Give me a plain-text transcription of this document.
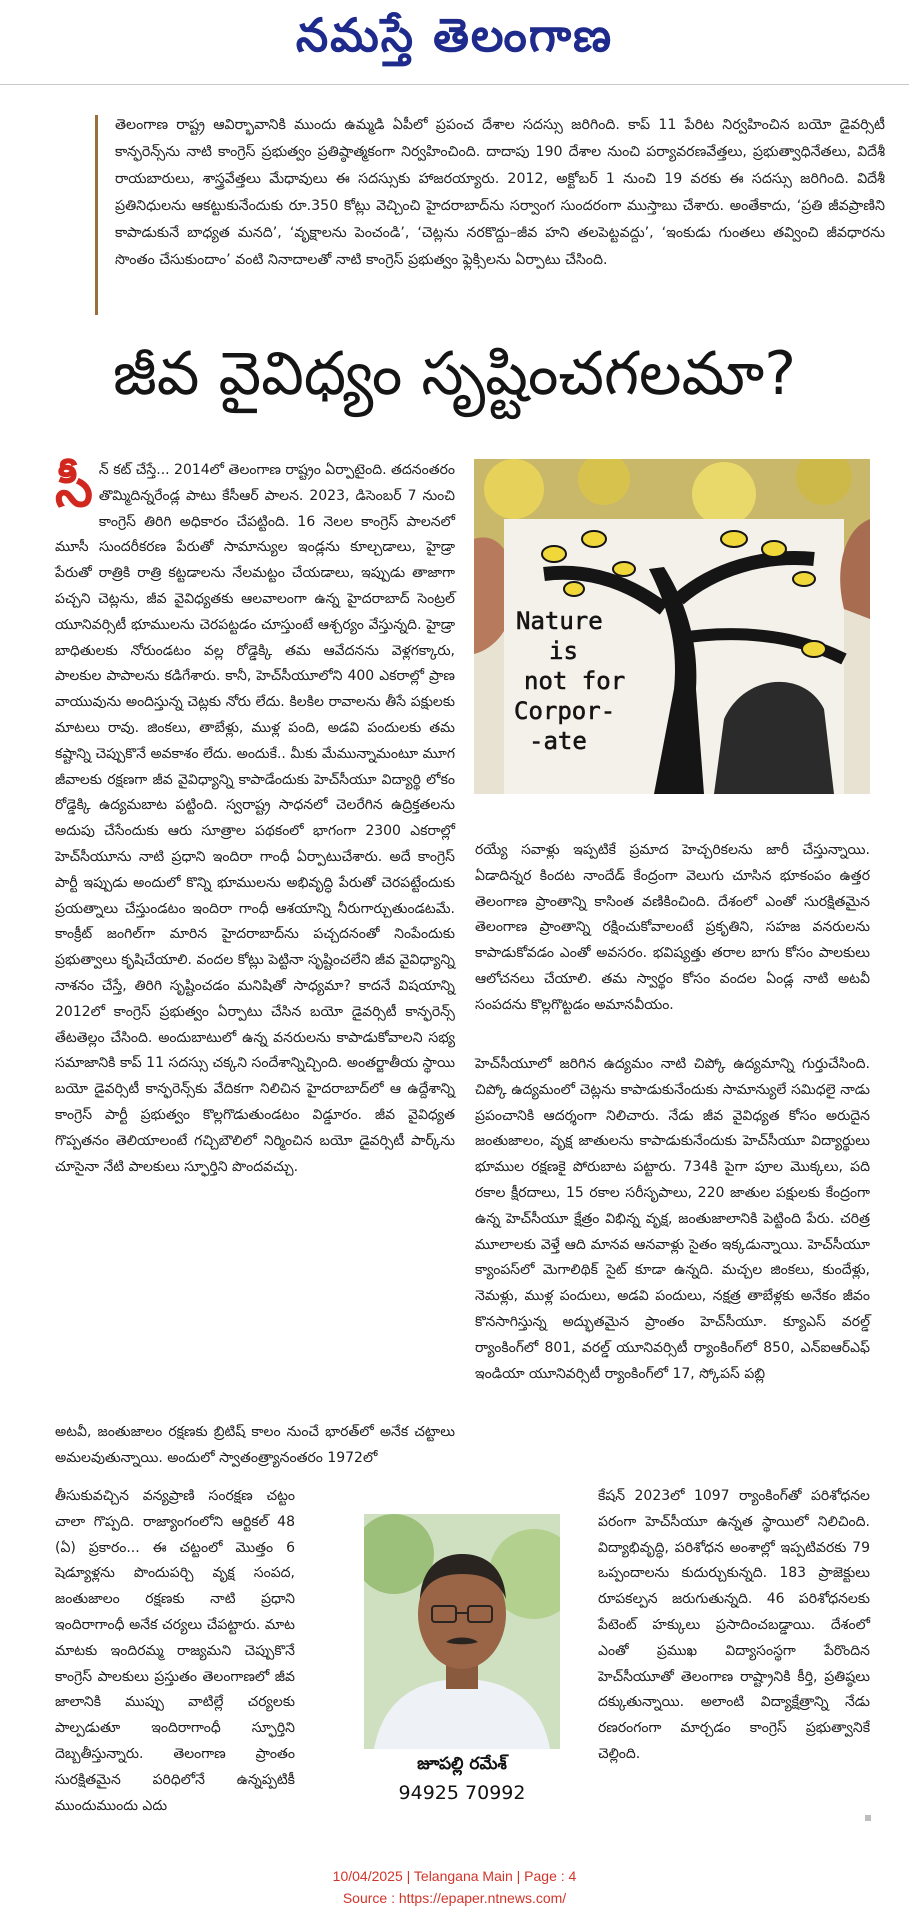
నమస్తే తెలంగాణ
తెలంగాణ రాష్ట్ర ఆవిర్భావానికి ముందు ఉమ్మడి ఏపీలో ప్రపంచ దేశాల సదస్సు జరిగింది. కాప్ 11 పేరిట నిర్వహించిన బయో డైవర్సిటీ కాన్ఫరెన్స్‌ను నాటి కాంగ్రెస్ ప్రభుత్వం ప్రతిష్ఠాత్మకంగా నిర్వహించింది. దాదాపు 190 దేశాల నుంచి పర్యావరణవేత్తలు, ప్రభుత్వాధినేతలు, విదేశీ రాయబారులు, శాస్త్రవేత్తలు మేధావులు ఈ సదస్సుకు హాజరయ్యారు. 2012, అక్టోబర్ 1 నుంచి 19 వరకు ఈ సదస్సు జరిగింది. విదేశీ ప్రతినిధులను ఆకట్టుకునేందుకు రూ.350 కోట్లు వెచ్చించి హైదరాబాద్‌ను సర్వాంగ సుందరంగా ముస్తాబు చేశారు. అంతేకాదు, ‘ప్రతి జీవప్రాణిని కాపాడుకునే బాధ్యత మనది’, ‘వృక్షాలను పెంచండి’, ‘చెట్లను నరకొద్దు–జీవ హని తలపెట్టవద్దు’, ‘ఇంకుడు గుంతలు తవ్వించి జీవధారను సొంతం చేసుకుందాం’ వంటి నినాదాలతో నాటి కాంగ్రెస్ ప్రభుత్వం ఫ్లెక్సిలను ఏర్పాటు చేసింది.
జీవ వైవిధ్యం సృష్టించగలమా?
సీన్ కట్ చేస్తే... 2014లో తెలంగాణ రాష్ట్రం ఏర్పాటైంది. తదనంతరం తొమ్మిదిన్నరేండ్ల పాటు కేసీఆర్ పాలన. 2023, డిసెంబర్ 7 నుంచి కాంగ్రెస్ తిరిగి అధికారం చేపట్టింది. 16 నెలల కాంగ్రెస్ పాలనలో మూసీ సుందరీకరణ పేరుతో సామాన్యుల ఇండ్లను కూల్చడాలు, హైడ్రా పేరుతో రాత్రికి రాత్రి కట్టడాలను నేలమట్టం చేయడాలు, ఇప్పుడు తాజాగా పచ్చని చెట్లను, జీవ వైవిధ్యతకు ఆలవాలంగా ఉన్న హైదరాబాద్ సెంట్రల్ యూనివర్సిటీ భూములను చెరపట్టడం చూస్తుంటే ఆశ్చర్యం వేస్తున్నది. హైడ్రా బాధితులకు నోరుండటం వల్ల రోడ్డెక్కి తమ ఆవేదనను వెళ్లగక్కారు, పాలకుల పాపాలను కడిగేశారు. కానీ, హెచ్‌సీయూలోని 400 ఎకరాల్లో ప్రాణ వాయువును అందిస్తున్న చెట్లకు నోరు లేదు. కిలకిల రావాలను తీసే పక్షులకు మాటలు రావు. జింకలు, తాబేళ్లు, ముళ్ల పంది, అడవి పందులకు తమ కష్టాన్ని చెప్పుకొనే అవకాశం లేదు. అందుకే.. మీకు మేమున్నామంటూ మూగ జీవాలకు రక్షణగా జీవ వైవిధ్యాన్ని కాపాడేందుకు హెచ్‌సీయూ విద్యార్థి లోకం రోడ్డెక్కి ఉద్యమబాట పట్టింది. స్వరాష్ట్ర సాధనలో చెలరేగిన ఉద్రిక్తతలను అదుపు చేసేందుకు ఆరు సూత్రాల పథకంలో భాగంగా 2300 ఎకరాల్లో హెచ్‌సీయూను నాటి ప్రధాని ఇందిరా గాంధీ ఏర్పాటుచేశారు. అదే కాంగ్రెస్ పార్టీ ఇప్పుడు అందులో కొన్ని భూములను అభివృద్ధి పేరుతో చెరపట్టేందుకు ప్రయత్నాలు చేస్తుండటం ఇందిరా గాంధీ ఆశయాన్ని నీరుగార్చుతుండటమే. కాంక్రీట్ జంగిల్‌గా మారిన హైదరాబాద్‌ను పచ్చదనంతో నింపేందుకు ప్రభుత్వాలు కృషిచేయాలి. వందల కోట్లు పెట్టినా సృష్టించలేని జీవ వైవిధ్యాన్ని నాశనం చేస్తే, తిరిగి సృష్టించడం మనిషితో సాధ్యమా? కాదనే విషయాన్ని 2012లో కాంగ్రెస్ ప్రభుత్వం ఏర్పాటు చేసిన బయో డైవర్సిటీ కాన్ఫరెన్స్ తేటతెల్లం చేసింది. అందుబాటులో ఉన్న వనరులను కాపాడుకోవాలని సభ్య సమాజానికి కాప్ 11 సదస్సు చక్కని సందేశాన్నిచ్చింది. అంతర్జాతీయ స్థాయి బయో డైవర్సిటీ కాన్ఫరెన్స్‌కు వేదికగా నిలిచిన హైదరాబాద్‌లో ఆ ఉద్దేశాన్ని కాంగ్రెస్ పార్టీ ప్రభుత్వం కొల్లగొడుతుండటం విడ్డూరం. జీవ వైవిధ్యత గొప్పతనం తెలియాలంటే గచ్చిబౌలిలో నిర్మించిన బయో డైవర్సిటీ పార్క్‌ను చూసైనా నేటి పాలకులు స్ఫూర్తిని పొందవచ్చు.
Nature
is
not for
Corpor-
-ate
రయ్యే సవాళ్లు ఇప్పటికే ప్రమాద హెచ్చరికలను జారీ చేస్తున్నాయి. ఏడాదిన్నర కిందట నాందేడ్ కేంద్రంగా వెలుగు చూసిన భూకంపం ఉత్తర తెలంగాణ ప్రాంతాన్ని కాసింత వణికించింది. దేశంలో ఎంతో సురక్షితమైన తెలంగాణ ప్రాంతాన్ని రక్షించుకోవాలంటే ప్రకృతిని, సహజ వనరులను కాపాడుకోవడం ఎంతో అవసరం. భవిష్యత్తు తరాల బాగు కోసం పాలకులు ఆలోచనలు చేయాలి. తమ స్వార్థం కోసం వందల ఏండ్ల నాటి అటవీ సంపదను కొల్లగొట్టడం అమానవీయం.
హెచ్‌సీయూలో జరిగిన ఉద్యమం నాటి చిప్కో ఉద్యమాన్ని గుర్తుచేసింది. చిప్కో ఉద్యమంలో చెట్లను కాపాడుకునేందుకు సామాన్యులే సమిధలై నాడు ప్రపంచానికి ఆదర్శంగా నిలిచారు. నేడు జీవ వైవిధ్యత కోసం అరుదైన జంతుజాలం, వృక్ష జాతులను కాపాడుకునేందుకు హెచ్‌సీయూ విద్యార్థులు భూముల రక్షణకై పోరుబాట పట్టారు. 734కి పైగా పూల మొక్కలు, పది రకాల క్షీరదాలు, 15 రకాల సరీసృపాలు, 220 జాతుల పక్షులకు కేంద్రంగా ఉన్న హెచ్‌సీయూ క్షేత్రం విభిన్న వృక్ష, జంతుజాలానికి పెట్టింది పేరు. చరిత్ర మూలాలకు వెళ్తే ఆది మానవ ఆనవాళ్లు సైతం ఇక్కడున్నాయి. హెచ్‌సీయూ క్యాంపస్‌లో మెగాలిథిక్ సైట్ కూడా ఉన్నది. మచ్చల జింకలు, కుందేళ్లు, నెమళ్లు, ముళ్ల పందులు, అడవి పందులు, నక్షత్ర తాబేళ్లకు అనేకం జీవం కొనసాగిస్తున్న అద్భుతమైన ప్రాంతం హెచ్‌సీయూ. క్యూఎస్ వరల్డ్ ర్యాంకింగ్‌లో 801, వరల్డ్ యూనివర్సిటీ ర్యాంకింగ్‌లో 850, ఎన్ఐఆర్ఎఫ్ ఇండియా యూనివర్సిటీ ర్యాంకింగ్‌లో 17, స్కోపస్ పబ్లి
అటవీ, జంతుజాలం రక్షణకు బ్రిటిష్ కాలం నుంచే భారత్‌లో అనేక చట్టాలు అమలవుతున్నాయి. అందులో స్వాతంత్ర్యానంతరం 1972లో
తీసుకువచ్చిన వన్యప్రాణి సంరక్షణ చట్టం చాలా గొప్పది. రాజ్యాంగంలోని ఆర్టికల్ 48 (ఏ) ప్రకారం... ఈ చట్టంలో మొత్తం 6 షెడ్యూళ్లను పొందుపర్చి వృక్ష సంపద, జంతుజాలం రక్షణకు నాటి ప్రధాని ఇందిరాగాంధీ అనేక చర్యలు చేపట్టారు. మాట మాటకు ఇందిరమ్మ రాజ్యమని చెప్పుకొనే కాంగ్రెస్ పాలకులు ప్రస్తుతం తెలంగాణలో జీవ జాలానికి ముప్పు వాటిల్లే చర్యలకు పాల్పడుతూ ఇందిరాగాంధీ స్ఫూర్తిని దెబ్బతీస్తున్నారు. తెలంగాణ ప్రాంతం సురక్షితమైన పరిధిలోనే ఉన్నప్పటికీ ముందుముందు ఎదు
జూపల్లి రమేశ్
94925 70992
కేషన్ 2023లో 1097 ర్యాంకింగ్‌తో పరిశోధనల పరంగా హెచ్‌సీయూ ఉన్నత స్థాయిలో నిలిచింది. విద్యాభివృద్ధి, పరిశోధన అంశాల్లో ఇప్పటివరకు 79 ఒప్పందాలను కుదుర్చుకున్నది. 183 ప్రాజెక్టులు రూపకల్పన జరుగుతున్నది. 46 పరిశోధనలకు పేటెంట్ హక్కులు ప్రసాదించబడ్డాయి. దేశంలో ఎంతో ప్రముఖ విద్యాసంస్థగా పేరొందిన హెచ్‌సీయూతో తెలంగాణ రాష్ట్రానికి కీర్తి, ప్రతిష్ఠలు దక్కుతున్నాయి. అలాంటి విద్యాక్షేత్రాన్ని నేడు రణరంగంగా మార్చడం కాంగ్రెస్ ప్రభుత్వానికే చెల్లింది.
10/04/2025 | Telangana Main | Page : 4
Source : https://epaper.ntnews.com/
